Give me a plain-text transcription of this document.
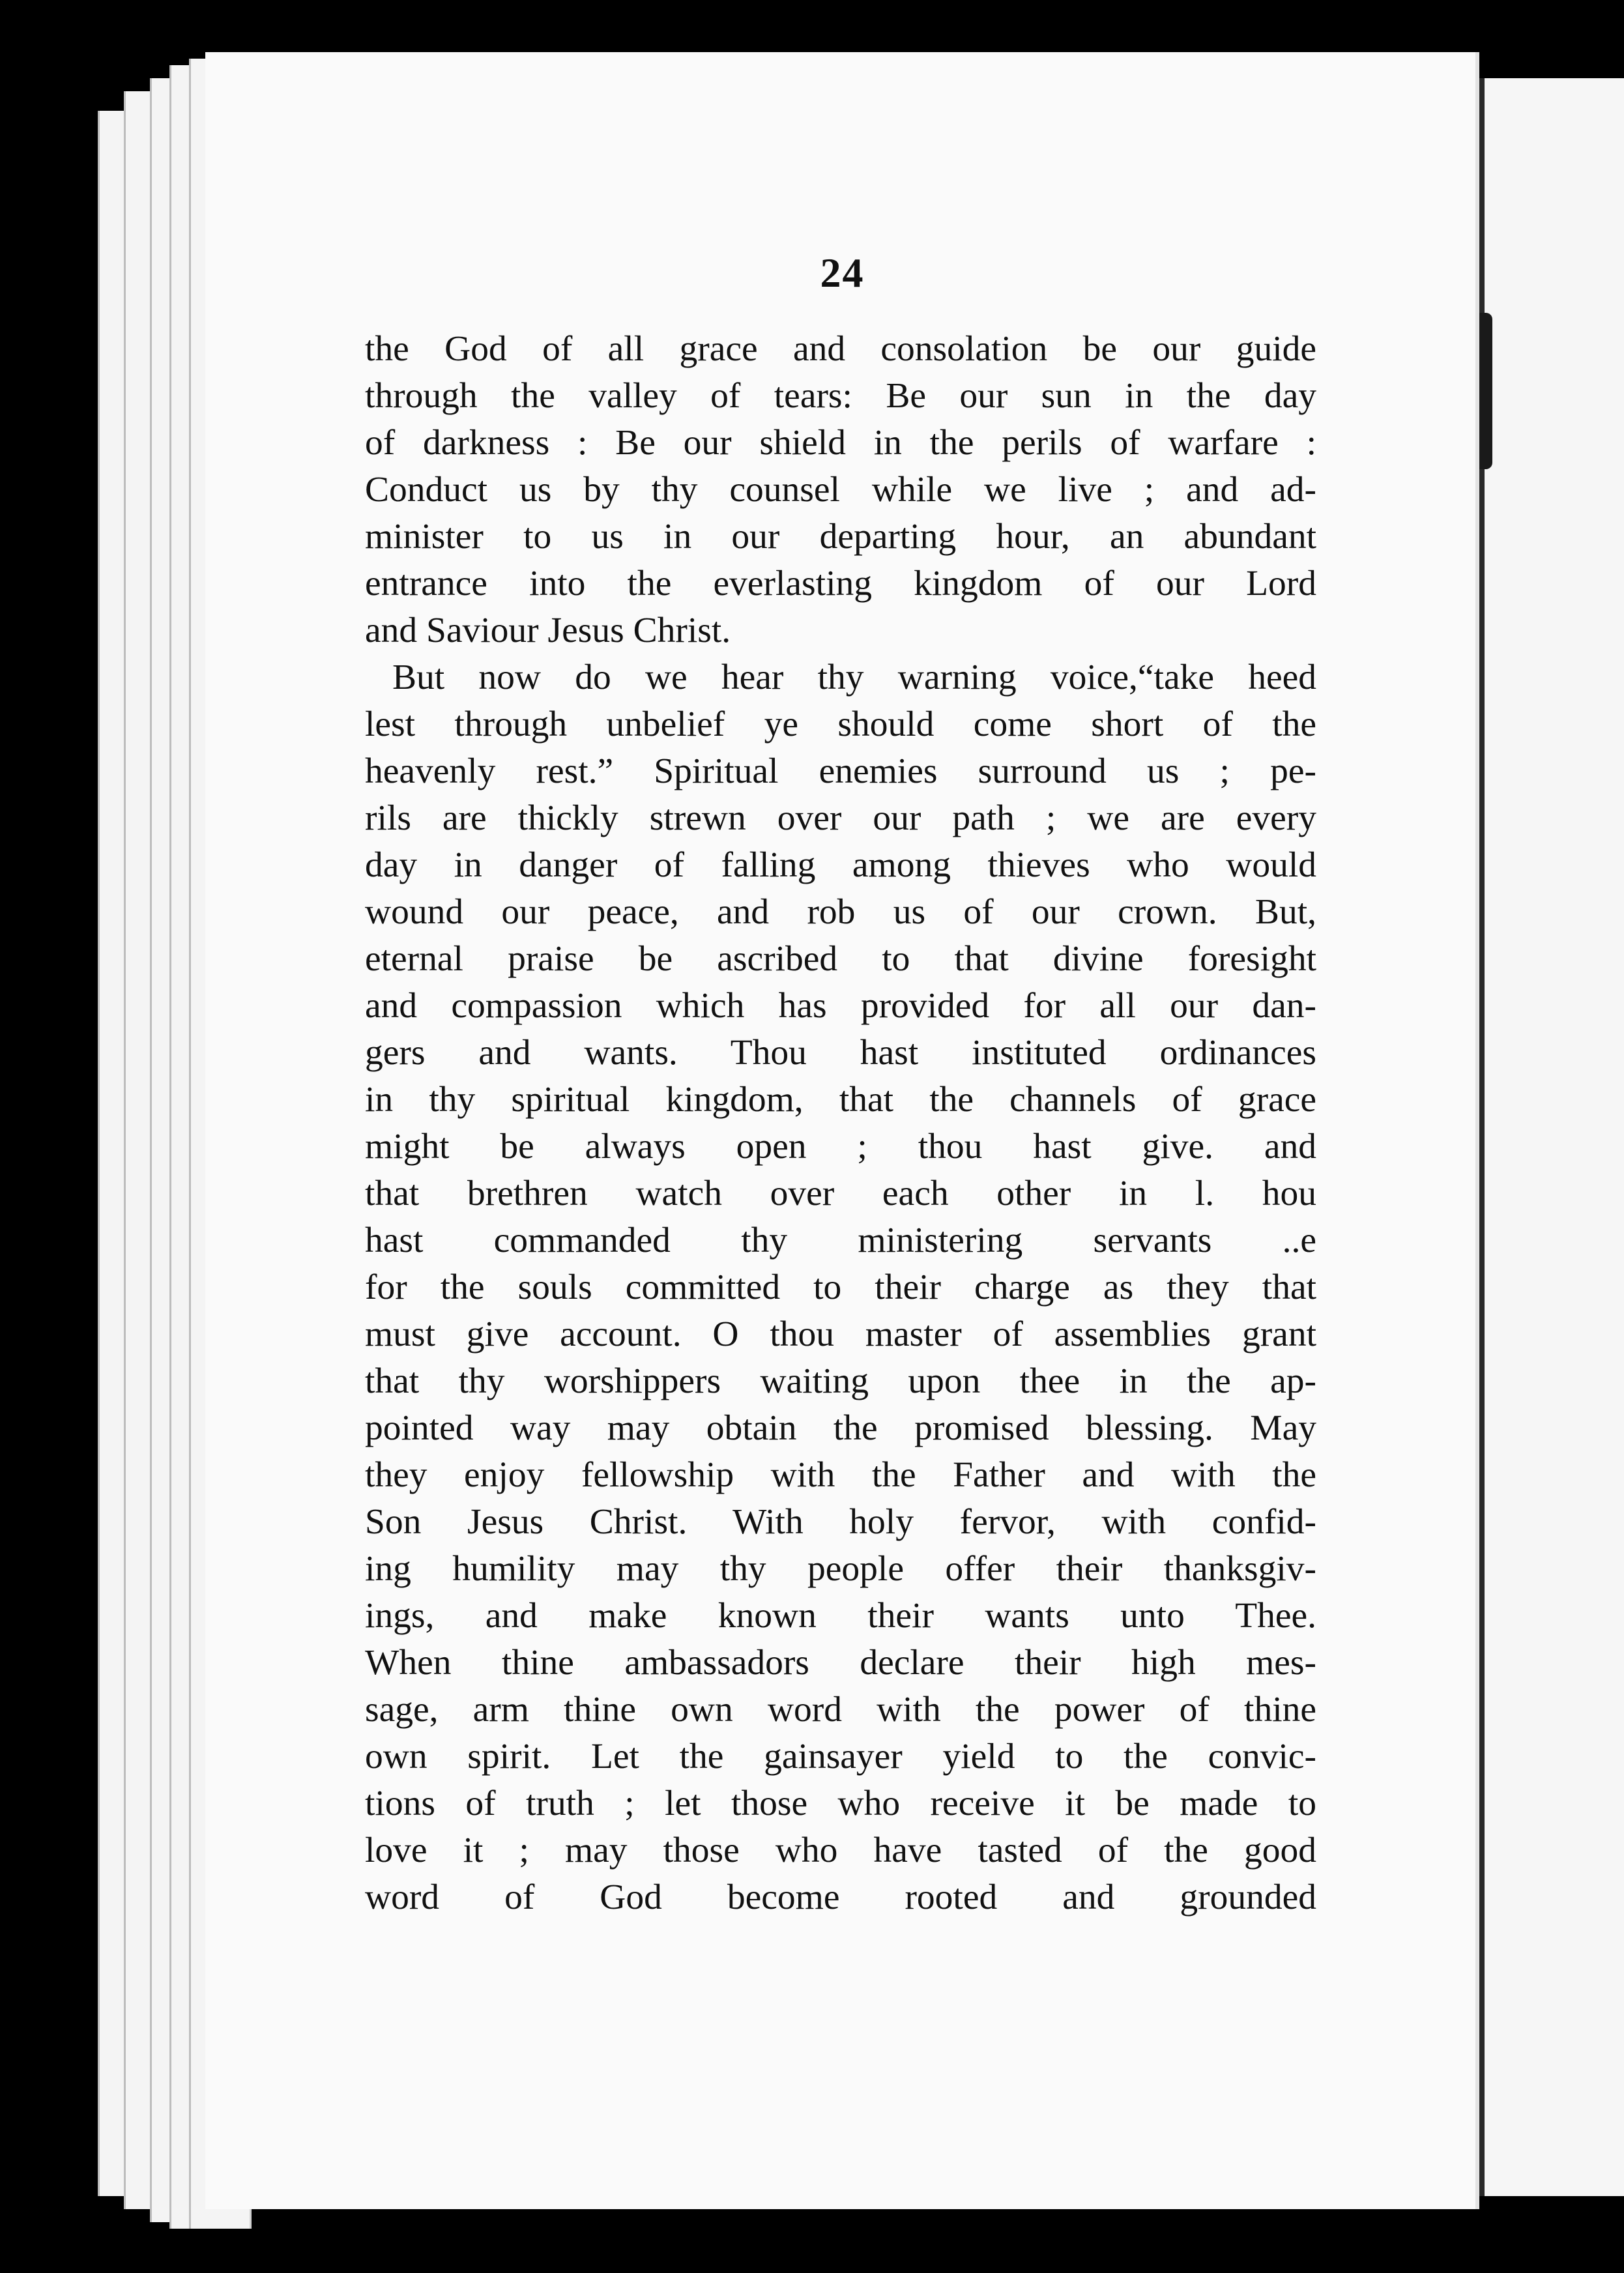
24
the God of all grace and consolation be our guide
through the valley of tears: Be our sun in the day
of darkness : Be our shield in the perils of warfare :
Conduct us by thy counsel while we live ; and ad-
minister to us in our departing hour, an abundant
entrance into the everlasting kingdom of our Lord
and Saviour Jesus Christ.
But now do we hear thy warning voice,“take heed
lest through unbelief ye should come short of the
heavenly rest.” Spiritual enemies surround us ; pe-
rils are thickly strewn over our path ; we are every
day in danger of falling among thieves who would
wound our peace, and rob us of our crown. But,
eternal praise be ascribed to that divine foresight
and compassion which has provided for all our dan-
gers and wants. Thou hast instituted ordinances
in thy spiritual kingdom, that the channels of grace
might be always open ; thou hast give. and
that brethren watch over each other in l. hou
hast commanded thy ministering servants ..e
for the souls committed to their charge as they that
must give account. O thou master of assemblies grant
that thy worshippers waiting upon thee in the ap-
pointed way may obtain the promised blessing. May
they enjoy fellowship with the Father and with the
Son Jesus Christ. With holy fervor, with confid-
ing humility may thy people offer their thanksgiv-
ings, and make known their wants unto Thee.
When thine ambassadors declare their high mes-
sage, arm thine own word with the power of thine
own spirit. Let the gainsayer yield to the convic-
tions of truth ; let those who receive it be made to
love it ; may those who have tasted of the good
word of God become rooted and grounded
